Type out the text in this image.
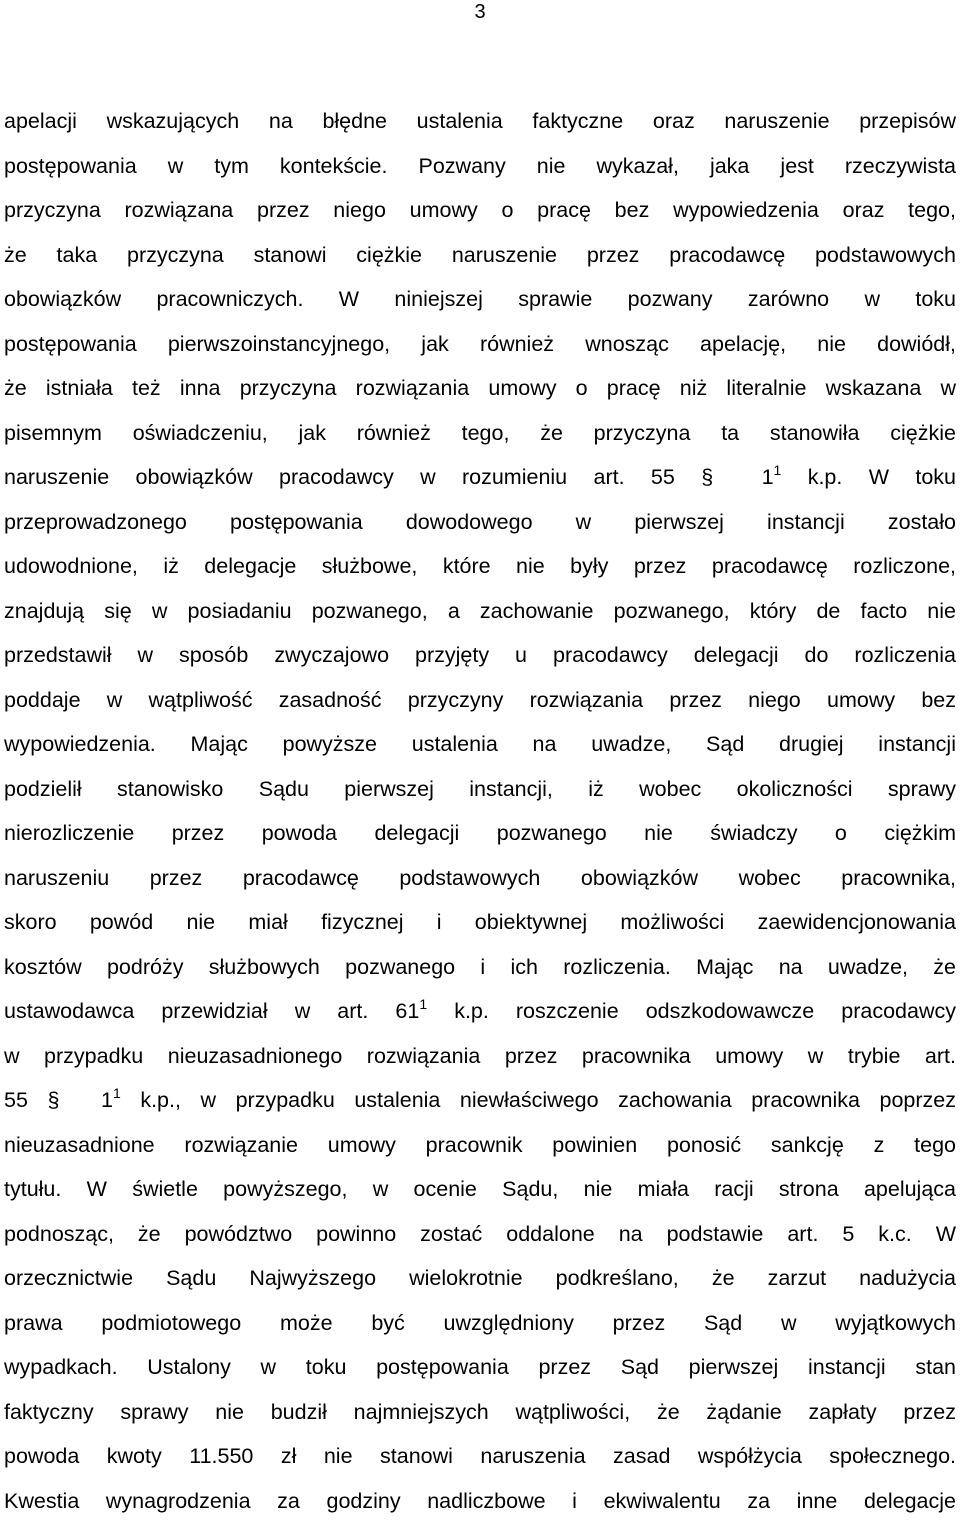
3
apelacji wskazujących na błędne ustalenia faktyczne oraz naruszenie przepisów
postępowania w tym kontekście. Pozwany nie wykazał, jaka jest rzeczywista
przyczyna rozwiązana przez niego umowy o pracę bez wypowiedzenia oraz tego,
że taka przyczyna stanowi ciężkie naruszenie przez pracodawcę podstawowych
obowiązków pracowniczych. W niniejszej sprawie pozwany zarówno w toku
postępowania pierwszoinstancyjnego, jak również wnosząc apelację, nie dowiódł,
że istniała też inna przyczyna rozwiązania umowy o pracę niż literalnie wskazana w
pisemnym oświadczeniu, jak również tego, że przyczyna ta stanowiła ciężkie
naruszenie obowiązków pracodawcy w rozumieniu art. 55 § $1^1$ k.p. W toku
przeprowadzonego postępowania dowodowego w pierwszej instancji zostało
udowodnione, iż delegacje służbowe, które nie były przez pracodawcę rozliczone,
znajdują się w posiadaniu pozwanego, a zachowanie pozwanego, który de facto nie
przedstawił w sposób zwyczajowo przyjęty u pracodawcy delegacji do rozliczenia
poddaje w wątpliwość zasadność przyczyny rozwiązania przez niego umowy bez
wypowiedzenia. Mając powyższe ustalenia na uwadze, Sąd drugiej instancji
podzielił stanowisko Sądu pierwszej instancji, iż wobec okoliczności sprawy
nierozliczenie przez powoda delegacji pozwanego nie świadczy o ciężkim
naruszeniu przez pracodawcę podstawowych obowiązków wobec pracownika,
skoro powód nie miał fizycznej i obiektywnej możliwości zaewidencjonowania
kosztów podróży służbowych pozwanego i ich rozliczenia. Mając na uwadze, że
ustawodawca przewidział w art. $61^1$ k.p. roszczenie odszkodowawcze pracodawcy
w przypadku nieuzasadnionego rozwiązania przez pracownika umowy w trybie art.
55 § $1^1$ k.p., w przypadku ustalenia niewłaściwego zachowania pracownika poprzez
nieuzasadnione rozwiązanie umowy pracownik powinien ponosić sankcję z tego
tytułu. W świetle powyższego, w ocenie Sądu, nie miała racji strona apelująca
podnosząc, że powództwo powinno zostać oddalone na podstawie art. 5 k.c. W
orzecznictwie Sądu Najwyższego wielokrotnie podkreślano, że zarzut nadużycia
prawa podmiotowego może być uwzględniony przez Sąd w wyjątkowych
wypadkach. Ustalony w toku postępowania przez Sąd pierwszej instancji stan
faktyczny sprawy nie budził najmniejszych wątpliwości, że żądanie zapłaty przez
powoda kwoty 11.550 zł nie stanowi naruszenia zasad współżycia społecznego.
Kwestia wynagrodzenia za godziny nadliczbowe i ekwiwalentu za inne delegacje
